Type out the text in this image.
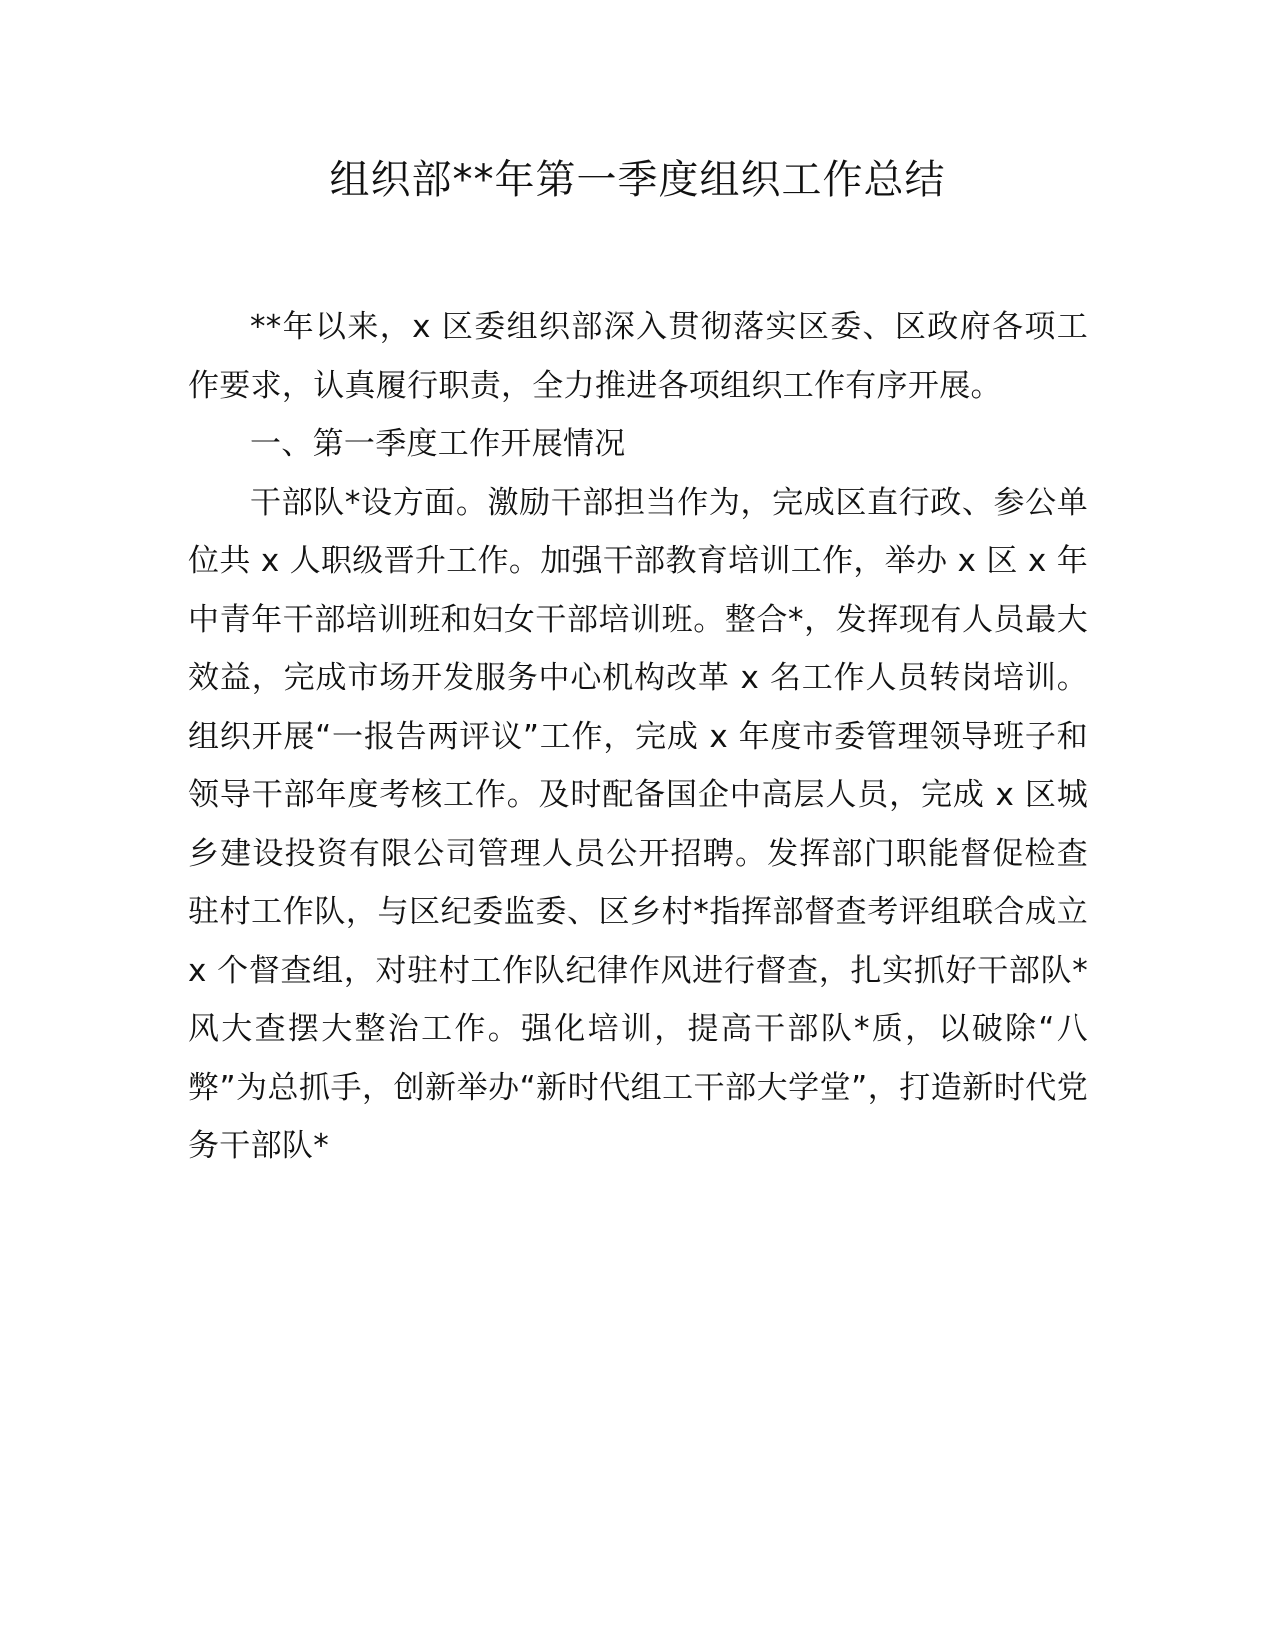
组织部**年第一季度组织工作总结

**年以来，x 区委组织部深入贯彻落实区委、区政府各项工作要求，认真履行职责，全力推进各项组织工作有序开展。

一、第一季度工作开展情况

干部队*设方面。激励干部担当作为，完成区直行政、参公单位共 x 人职级晋升工作。加强干部教育培训工作，举办 x 区 x 年中青年干部培训班和妇女干部培训班。整合*，发挥现有人员最大效益，完成市场开发服务中心机构改革 x 名工作人员转岗培训。组织开展“一报告两评议”工作，完成 x 年度市委管理领导班子和领导干部年度考核工作。及时配备国企中高层人员，完成 x 区城乡建设投资有限公司管理人员公开招聘。发挥部门职能督促检查驻村工作队，与区纪委监委、区乡村*指挥部督查考评组联合成立 x 个督查组，对驻村工作队纪律作风进行督查，扎实抓好干部队*风大查摆大整治工作。强化培训，提高干部队*质，以破除“八弊”为总抓手，创新举办“新时代组工干部大学堂”，打造新时代党务干部队*
